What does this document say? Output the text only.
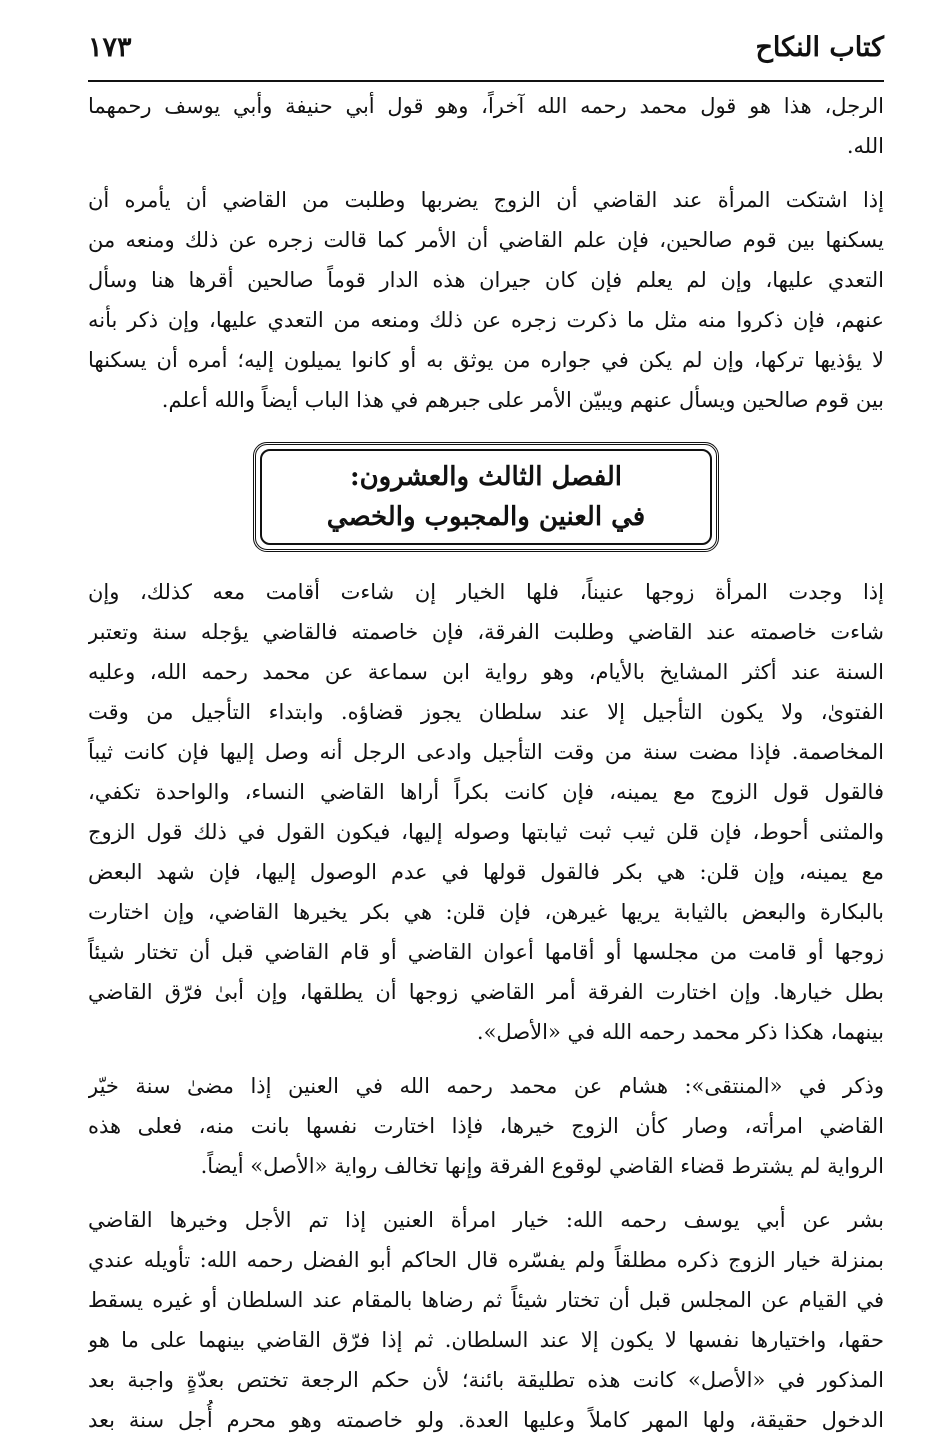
كتاب النكاح
١٧٣
الرجل، هذا هو قول محمد رحمه الله آخراً، وهو قول أبي حنيفة وأبي يوسف رحمهما
الله.
إذا اشتكت المرأة عند القاضي أن الزوج يضربها وطلبت من القاضي أن يأمره أن
يسكنها بين قوم صالحين، فإن علم القاضي أن الأمر كما قالت زجره عن ذلك ومنعه من
التعدي عليها، وإن لم يعلم فإن كان جيران هذه الدار قوماً صالحين أقرها هنا وسأل
عنهم، فإن ذكروا منه مثل ما ذكرت زجره عن ذلك ومنعه من التعدي عليها، وإن ذكر بأنه
لا يؤذيها تركها، وإن لم يكن في جواره من يوثق به أو كانوا يميلون إليه؛ أمره أن يسكنها
بين قوم صالحين ويسأل عنهم ويبيّن الأمر على جبرهم في هذا الباب أيضاً والله أعلم.
الفصل الثالث والعشرون:
في العنين والمجبوب والخصي
إذا وجدت المرأة زوجها عنيناً، فلها الخيار إن شاءت أقامت معه كذلك، وإن
شاءت خاصمته عند القاضي وطلبت الفرقة، فإن خاصمته فالقاضي يؤجله سنة وتعتبر
السنة عند أكثر المشايخ بالأيام، وهو رواية ابن سماعة عن محمد رحمه الله، وعليه
الفتوىٰ، ولا يكون التأجيل إلا عند سلطان يجوز قضاؤه. وابتداء التأجيل من وقت
المخاصمة. فإذا مضت سنة من وقت التأجيل وادعى الرجل أنه وصل إليها فإن كانت ثيباً
فالقول قول الزوج مع يمينه، فإن كانت بكراً أراها القاضي النساء، والواحدة تكفي،
والمثنى أحوط، فإن قلن ثيب ثبت ثيابتها وصوله إليها، فيكون القول في ذلك قول الزوج
مع يمينه، وإن قلن: هي بكر فالقول قولها في عدم الوصول إليها، فإن شهد البعض
بالبكارة والبعض بالثيابة يريها غيرهن، فإن قلن: هي بكر يخيرها القاضي، وإن اختارت
زوجها أو قامت من مجلسها أو أقامها أعوان القاضي أو قام القاضي قبل أن تختار شيئاً
بطل خيارها. وإن اختارت الفرقة أمر القاضي زوجها أن يطلقها، وإن أبىٰ فرّق القاضي
بينهما، هكذا ذكر محمد رحمه الله في «الأصل».
وذكر في «المنتقى»: هشام عن محمد رحمه الله في العنين إذا مضىٰ سنة خيّر
القاضي امرأته، وصار كأن الزوج خيرها، فإذا اختارت نفسها بانت منه، فعلى هذه
الرواية لم يشترط قضاء القاضي لوقوع الفرقة وإنها تخالف رواية «الأصل» أيضاً.
بشر عن أبي يوسف رحمه الله: خيار امرأة العنين إذا تم الأجل وخيرها القاضي
بمنزلة خيار الزوج ذكره مطلقاً ولم يفسّره قال الحاكم أبو الفضل رحمه الله: تأويله عندي
في القيام عن المجلس قبل أن تختار شيئاً ثم رضاها بالمقام عند السلطان أو غيره يسقط
حقها، واختيارها نفسها لا يكون إلا عند السلطان. ثم إذا فرّق القاضي بينهما على ما هو
المذكور في «الأصل» كانت هذه تطليقة بائنة؛ لأن حكم الرجعة تختص بعدّةٍ واجبة بعد
الدخول حقيقة، ولها المهر كاملاً وعليها العدة. ولو خاصمته وهو محرم أُجل سنة بعد
